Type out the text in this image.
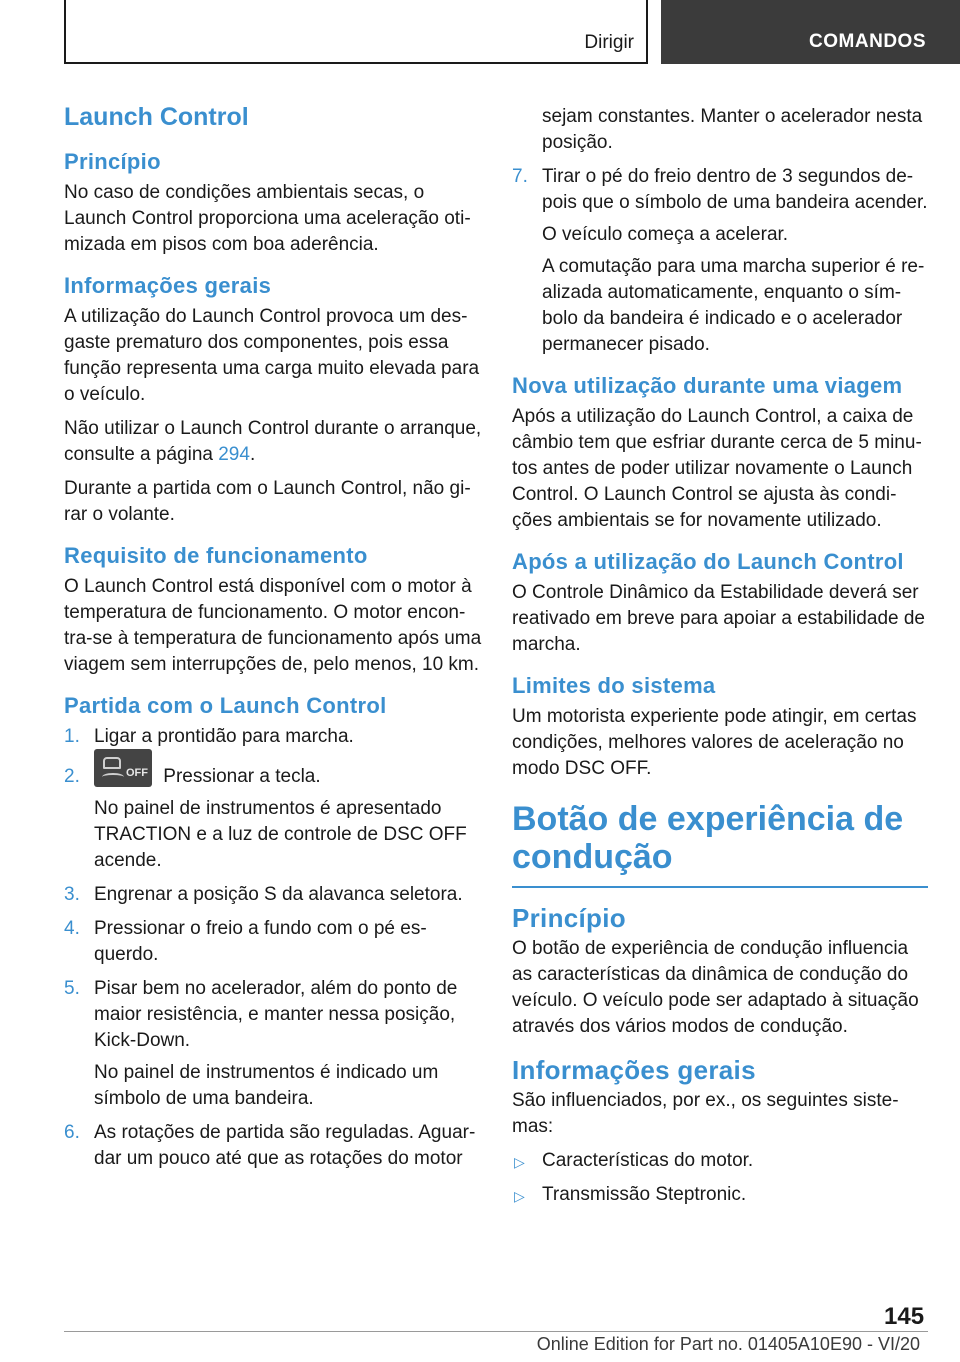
Dirigir	COMANDOS
Launch Control
Princípio

No caso de condições ambientais secas, o Launch Control proporciona uma aceleração otimizada em pisos com boa aderência.

Informações gerais

A utilização do Launch Control provoca um desgaste prematuro dos componentes, pois essa função representa uma carga muito elevada para o veículo.

Não utilizar o Launch Control durante o arranque, consulte a página 294.

Durante a partida com o Launch Control, não girar o volante.

Requisito de funcionamento

O Launch Control está disponível com o motor à temperatura de funcionamento. O motor encontra-se à temperatura de funcionamento após uma viagem sem interrupções de, pelo menos, 10 km.

Partida com o Launch Control
1. Ligar a prontidão para marcha.
2.	OFF Pressionar a tecla.

No painel de instrumentos é apresentado TRACTION e a luz de controle de DSC OFF acende.

3. Engrenar a posição S da alavanca seletora.
4. Pressionar o freio a fundo com o pé esquerdo.
5. Pisar bem no acelerador, além do ponto de maior resistência, e manter nessa posição, Kick-Down.

No painel de instrumentos é indicado um símbolo de uma bandeira.

6. As rotações de partida são reguladas. Aguardar um pouco até que as rotações do motor
sejam constantes. Manter o acelerador nesta posição.
7. Tirar o pé do freio dentro de 3 segundos depois que o símbolo de uma bandeira acender.

O veículo começa a acelerar.

A comutação para uma marcha superior é realizada automaticamente, enquanto o símbolo da bandeira é indicado e o acelerador permanecer pisado.

Nova utilização durante uma viagem

Após a utilização do Launch Control, a caixa de câmbio tem que esfriar durante cerca de 5 minutos antes de poder utilizar novamente o Launch Control. O Launch Control se ajusta às condições ambientais se for novamente utilizado.

Após a utilização do Launch Control

O Controle Dinâmico da Estabilidade deverá ser reativado em breve para apoiar a estabilidade de marcha.

Limites do sistema

Um motorista experiente pode atingir, em certas condições, melhores valores de aceleração no modo DSC OFF.

Botão de experiência de condução
Princípio

O botão de experiência de condução influencia as características da dinâmica de condução do veículo. O veículo pode ser adaptado à situação através dos vários modos de condução.

Informações gerais

São influenciados, por ex., os seguintes sistemas:

▷ Características do motor.
▷ Transmissão Steptronic.
145
Online Edition for Part no. 01405A10E90 - VI/20
